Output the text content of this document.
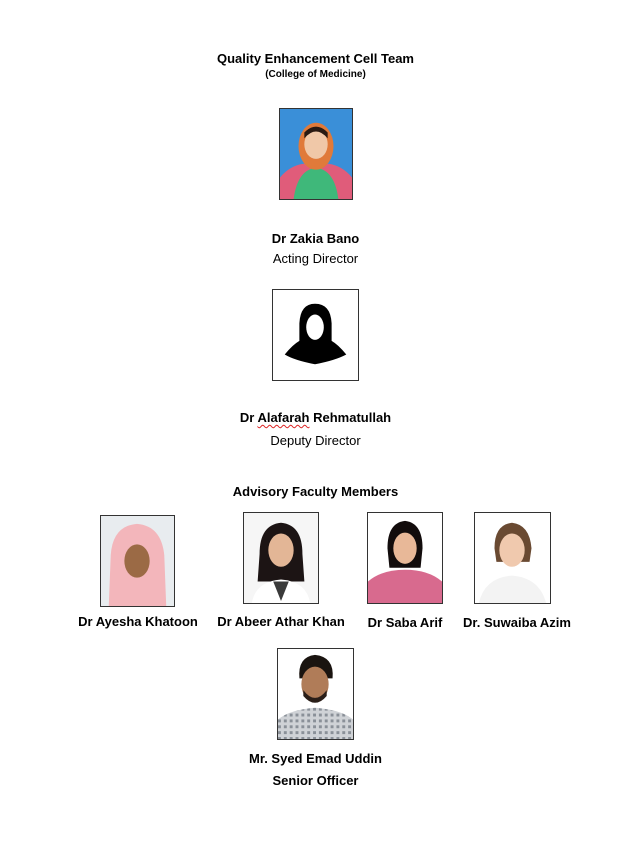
Quality Enhancement Cell Team
(College of Medicine)
Dr Zakia Bano
Acting Director
Dr Alafarah Rehmatullah
Deputy Director
Advisory Faculty Members
Dr Ayesha Khatoon	Dr Abeer Athar Khan	Dr Saba Arif	Dr. Suwaiba Azim
Mr. Syed Emad Uddin
Senior Officer
